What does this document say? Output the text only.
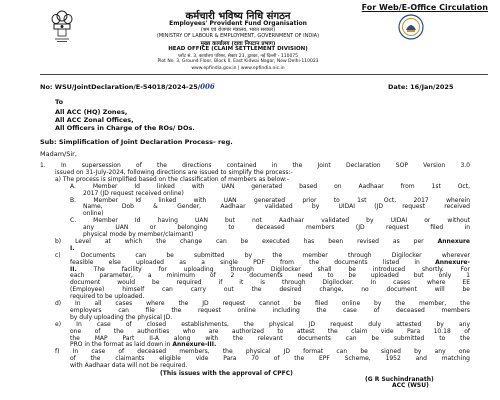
For Web/E-Office Circulation
कर्मचारी भविष्य निधि संगठन
Employees' Provident Fund Organisation
(श्रम एवं रोजगार मंत्रालय, भारत सरकार)
(MINISTRY OF LABOUR & EMPLOYMENT, GOVERNMENT OF INDIA)
मुख्य कार्यालय (दावा निपटान प्रभाग)
HEAD OFFICE (CLAIM SETTLEMENT DIVISION)
प्लॉट सं. 3, कार्यालय परिसर, सेक्टर 23, द्वारका, नई दिल्ली - 110075
Plot No. 3, Ground Floor, Block II, East Kidwai Nagar, New Delhi-110023
www.epfindia.gov.in | www.epfindia.nic.in
No: WSU/JointDeclaration/E-54018/2024-25/006	Date: 16/Jan/2025
To
All ACC (HQ) Zones,
All ACC Zonal Offices,
All Officers in Charge of the ROs/ DOs.
Sub: Simplification of Joint Declaration Process- reg.
Madam/Sir,
1. In supersession of the directions contained in the Joint Declaration SOP Version 3.0
issued on 31-July-2024, following directions are issued to simplify the process:-
a) The process is simplified based on the classification of members as below:-
A. Member Id linked with UAN generated based on Aadhaar from 1st Oct,
2017 (JD request received online)
B. Member Id linked with UAN generated prior to 1st Oct, 2017 wherein
Name, Dob & Gender, Aadhaar validated by UIDAI (JD request received
online)
C. Member Id having UAN but not Aadhaar validated by UIDAI or without
any UAN or belonging to deceased members (JD request filed in
physical mode by member/claimant)
b) Level at which the change can be executed has been revised as per Annexure
I.
c) Documents can be submitted by the member through Digilocker wherever
feasible else uploaded as a single PDF from the documents listed in Annexure-
II. The facility for uploading through Digilocker shall be introduced shortly. For
each parameter, a minimum of 2 documents need to be uploaded but only 1
document would be required if it is through Digilocker. In cases where EE
(Employee) himself can carry out the desired change, no document will be
required to be uploaded.
d) In all cases where the JD request cannot be filed online by the member, the
employers can file the request online including the case of deceased members
by duly uploading the physical JD.
e) In case of closed establishments, the physical JD request duly attested by any
one of the authorities who are authorized to attest the claim vide Para 10.18 of
the MAP Part II-A along with the relevant documents can be submitted to the
PRO in the format as laid down in Annexure-III.
f) In case of deceased members, the physical JD format can be signed by any one
of the claimants eligible vide Para 70 of the EPF Scheme, 1952 and matching
with Aadhaar data will not be required.
(This issues with the approval of CPFC)
(G R Suchindranath)
ACC (WSU)
